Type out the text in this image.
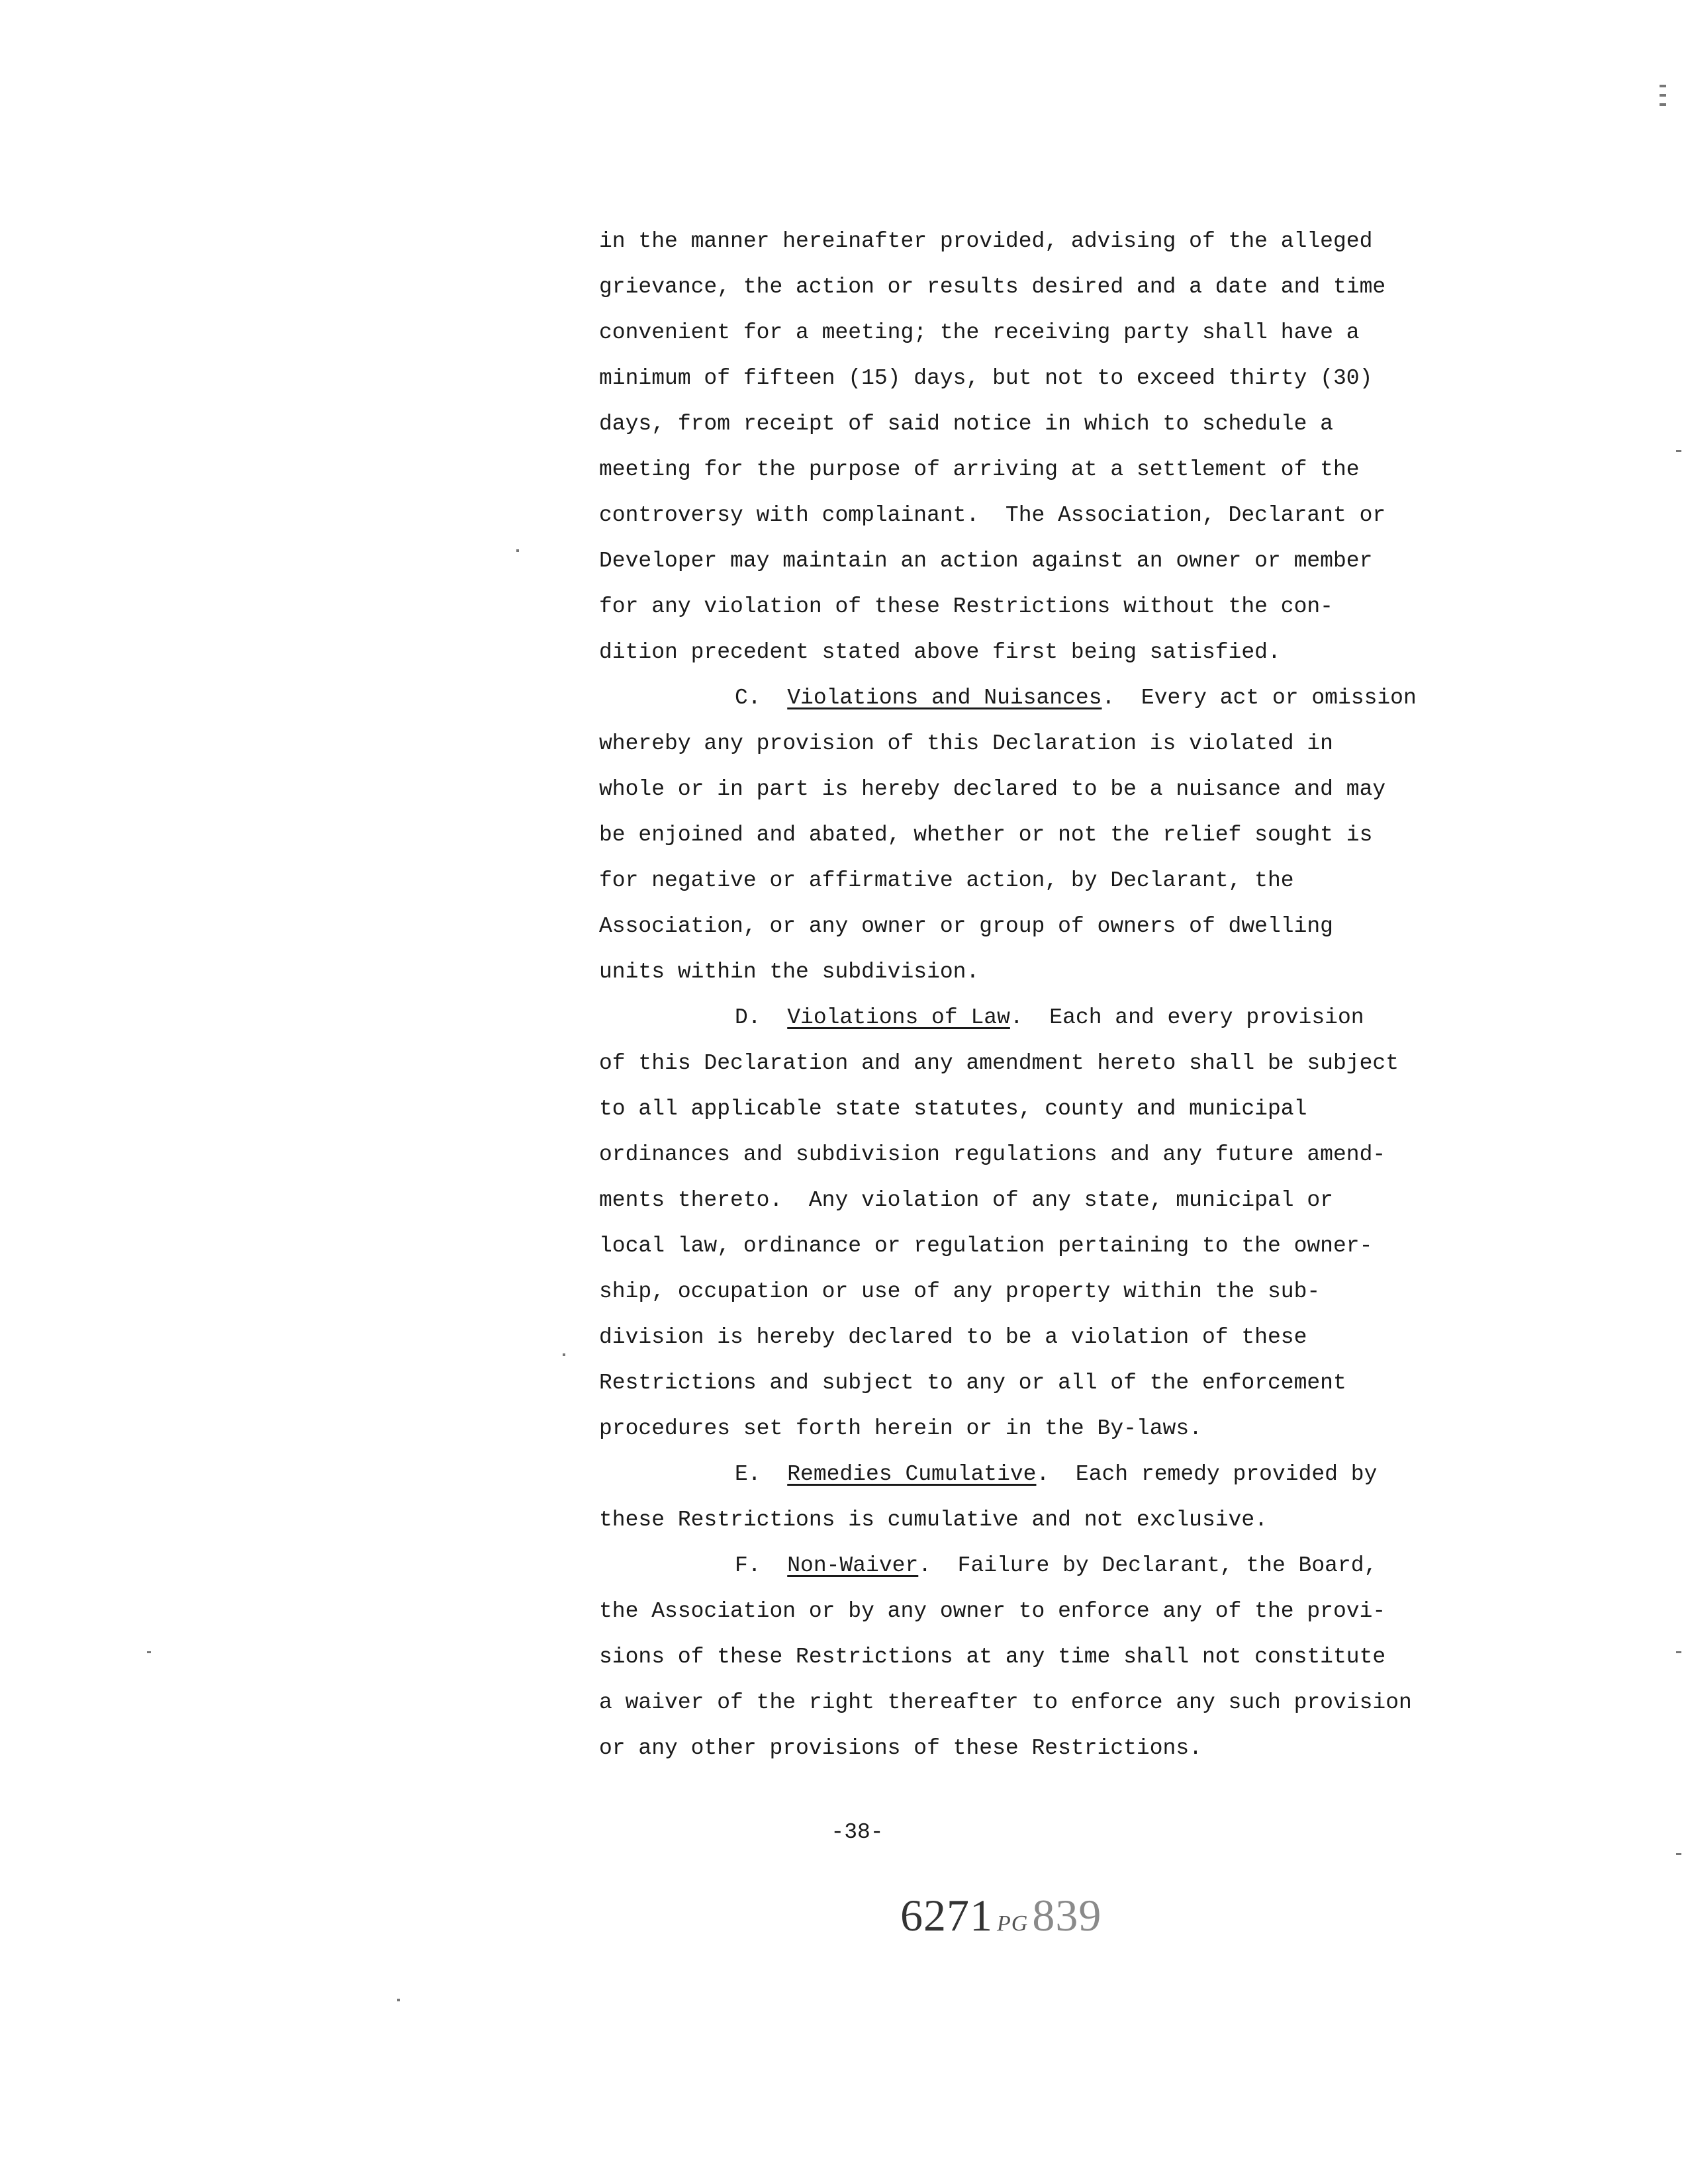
in the manner hereinafter provided, advising of the alleged
grievance, the action or results desired and a date and time
convenient for a meeting; the receiving party shall have a
minimum of fifteen (15) days, but not to exceed thirty (30)
days, from receipt of said notice in which to schedule a
meeting for the purpose of arriving at a settlement of the
controversy with complainant.  The Association, Declarant or
Developer may maintain an action against an owner or member
for any violation of these Restrictions without the con-
dition precedent stated above first being satisfied.
C. Violations and Nuisances.  Every act or omission
whereby any provision of this Declaration is violated in
whole or in part is hereby declared to be a nuisance and may
be enjoined and abated, whether or not the relief sought is
for negative or affirmative action, by Declarant, the
Association, or any owner or group of owners of dwelling
units within the subdivision.
D. Violations of Law.  Each and every provision
of this Declaration and any amendment hereto shall be subject
to all applicable state statutes, county and municipal
ordinances and subdivision regulations and any future amend-
ments thereto.  Any violation of any state, municipal or
local law, ordinance or regulation pertaining to the owner-
ship, occupation or use of any property within the sub-
division is hereby declared to be a violation of these
Restrictions and subject to any or all of the enforcement
procedures set forth herein or in the By-laws.
E. Remedies Cumulative.  Each remedy provided by
these Restrictions is cumulative and not exclusive.
F. Non-Waiver.  Failure by Declarant, the Board,
the Association or by any owner to enforce any of the provi-
sions of these Restrictions at any time shall not constitute
a waiver of the right thereafter to enforce any such provision
or any other provisions of these Restrictions.
-38-
6271 PG839
